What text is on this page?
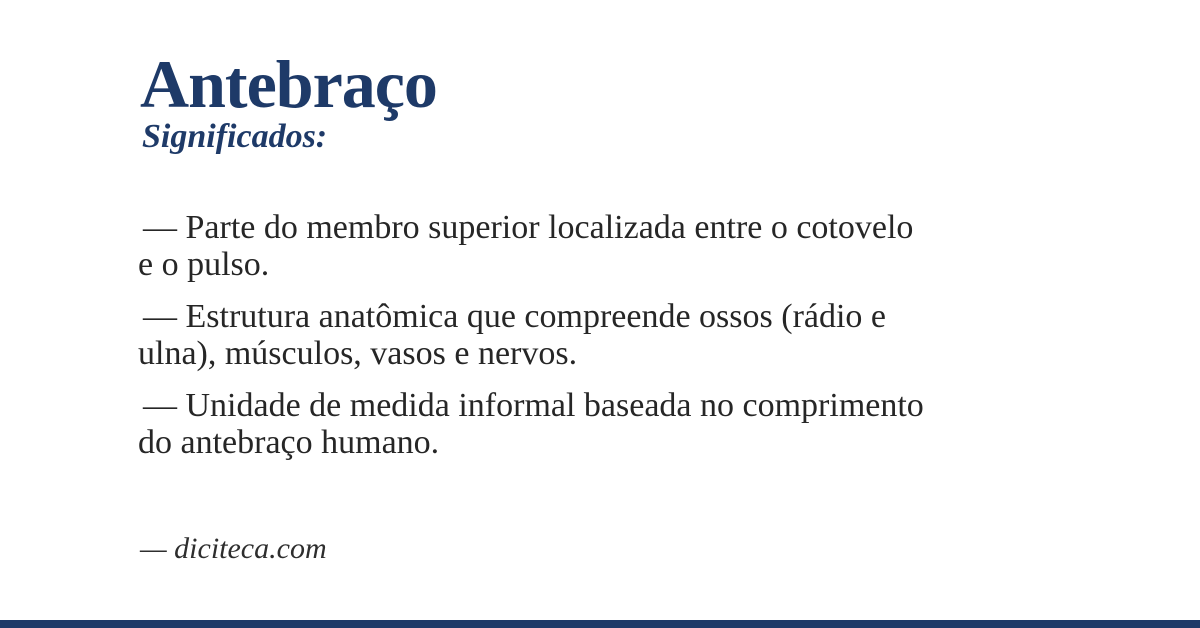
Antebraço
Significados:
— Parte do membro superior localizada entre o cotovelo
e o pulso.
— Estrutura anatômica que compreende ossos (rádio e
ulna), músculos, vasos e nervos.
— Unidade de medida informal baseada no comprimento
do antebraço humano.

— diciteca.com
